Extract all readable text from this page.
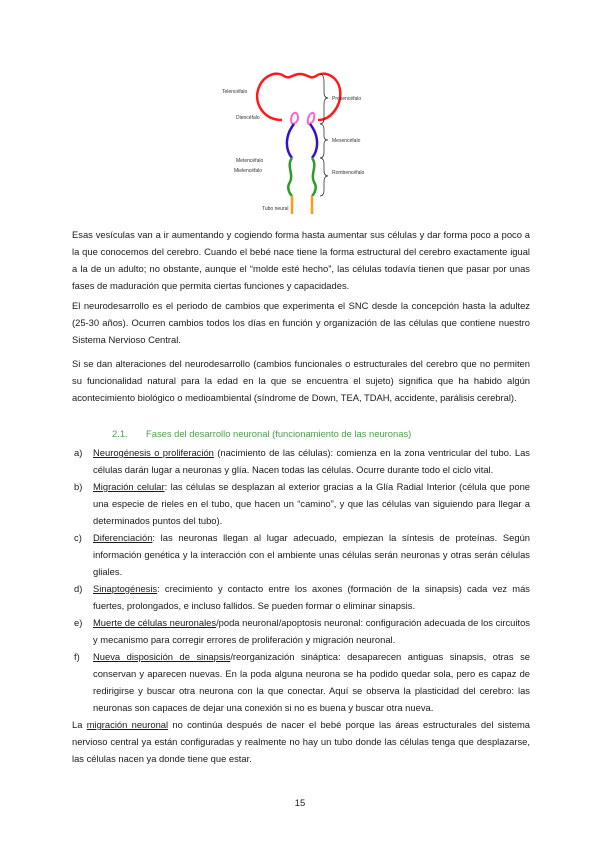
Telencéfalo
Diencéfalo
Metencéfalo
Mielencéfalo
Tubo neural
Prosencéfalo
Mesencéfalo
Rombencéfalo

Esas vesículas van a ir aumentando y cogiendo forma hasta aumentar sus células y dar forma poco a poco a la que conocemos del cerebro. Cuando el bebé nace tiene la forma estructural del cerebro exactamente igual a la de un adulto; no obstante, aunque el “molde esté hecho”, las células todavía tienen que pasar por unas fases de maduración que permita ciertas funciones y capacidades.

El neurodesarrollo es el periodo de cambios que experimenta el SNC desde la concepción hasta la adultez (25-30 años). Ocurren cambios todos los días en función y organización de las células que contiene nuestro Sistema Nervioso Central.

Si se dan alteraciones del neurodesarrollo (cambios funcionales o estructurales del cerebro que no permiten su funcionalidad natural para la edad en la que se encuentra el sujeto) significa que ha habido algún acontecimiento biológico o medioambiental (síndrome de Down, TEA, TDAH, accidente, parálisis cerebral).

2.1. Fases del desarrollo neuronal (funcionamiento de las neuronas)

a) Neurogénesis o proliferación (nacimiento de las células): comienza en la zona ventricular del tubo. Las células darán lugar a neuronas y glía. Nacen todas las células. Ocurre durante todo el ciclo vital.
b) Migración celular: las células se desplazan al exterior gracias a la Glía Radial Interior (célula que pone una especie de rieles en el tubo, que hacen un “camino”, y que las células van siguiendo para llegar a determinados puntos del tubo).
c) Diferenciación: las neuronas llegan al lugar adecuado, empiezan la síntesis de proteínas. Según información genética y la interacción con el ambiente unas células serán neuronas y otras serán células gliales.
d) Sinaptogénesis: crecimiento y contacto entre los axones (formación de la sinapsis) cada vez más fuertes, prolongados, e incluso fallidos. Se pueden formar o eliminar sinapsis.
e) Muerte de células neuronales/poda neuronal/apoptosis neuronal: configuración adecuada de los circuitos y mecanismo para corregir errores de proliferación y migración neuronal.
f) Nueva disposición de sinapsis/reorganización sináptica: desaparecen antiguas sinapsis, otras se conservan y aparecen nuevas. En la poda alguna neurona se ha podido quedar sola, pero es capaz de redirigirse y buscar otra neurona con la que conectar. Aquí se observa la plasticidad del cerebro: las neuronas son capaces de dejar una conexión si no es buena y buscar otra nueva.

La migración neuronal no continúa después de nacer el bebé porque las áreas estructurales del sistema nervioso central ya están configuradas y realmente no hay un tubo donde las células tenga que desplazarse, las células nacen ya donde tiene que estar.

15
